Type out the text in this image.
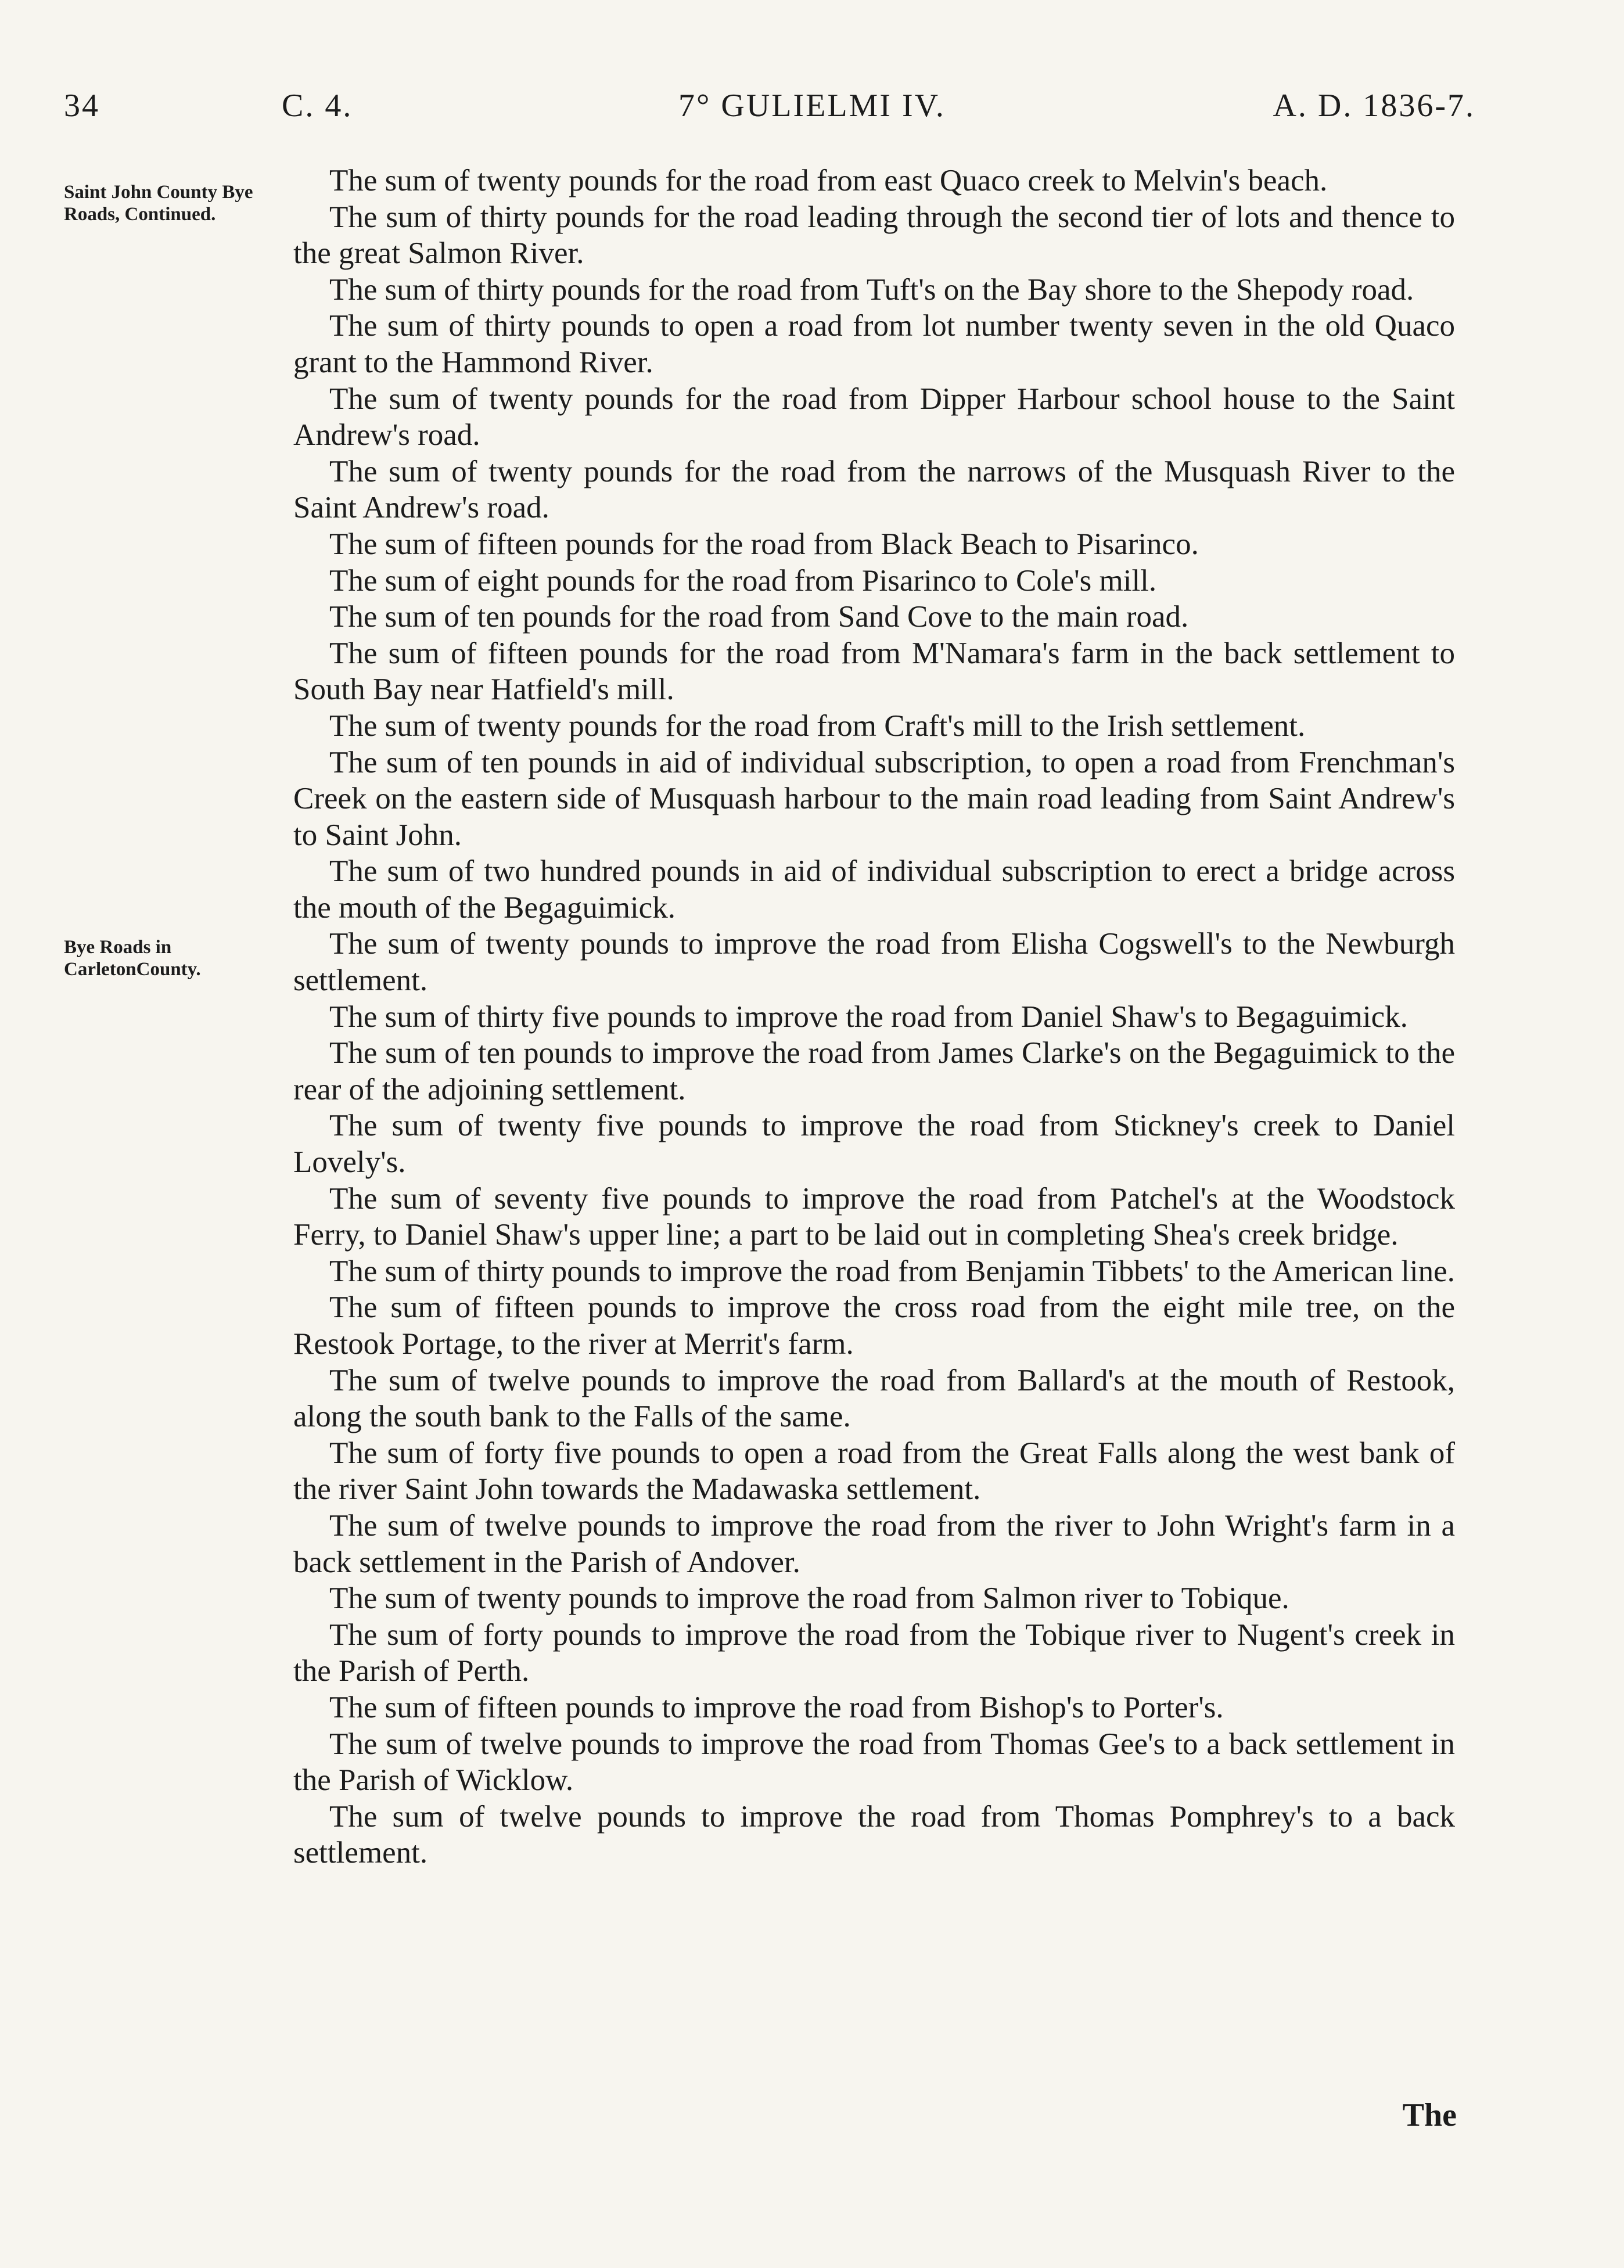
34	C. 4.	7° GULIELMI IV.	A. D. 1836-7.
Saint John County Bye Roads, Continued.
Bye Roads in CarletonCounty.

The sum of twenty pounds for the road from east Quaco creek to Melvin's beach.

The sum of thirty pounds for the road leading through the second tier of lots and thence to the great Salmon River.

The sum of thirty pounds for the road from Tuft's on the Bay shore to the Shepody road.

The sum of thirty pounds to open a road from lot number twenty seven in the old Quaco grant to the Hammond River.

The sum of twenty pounds for the road from Dipper Harbour school house to the Saint Andrew's road.

The sum of twenty pounds for the road from the narrows of the Musquash River to the Saint Andrew's road.

The sum of fifteen pounds for the road from Black Beach to Pisarinco.

The sum of eight pounds for the road from Pisarinco to Cole's mill.

The sum of ten pounds for the road from Sand Cove to the main road.

The sum of fifteen pounds for the road from M'Namara's farm in the back settlement to South Bay near Hatfield's mill.

The sum of twenty pounds for the road from Craft's mill to the Irish settlement.

The sum of ten pounds in aid of individual subscription, to open a road from Frenchman's Creek on the eastern side of Musquash harbour to the main road leading from Saint Andrew's to Saint John.

The sum of two hundred pounds in aid of individual subscription to erect a bridge across the mouth of the Begaguimick.

The sum of twenty pounds to improve the road from Elisha Cogswell's to the Newburgh settlement.

The sum of thirty five pounds to improve the road from Daniel Shaw's to Begaguimick.

The sum of ten pounds to improve the road from James Clarke's on the Begaguimick to the rear of the adjoining settlement.

The sum of twenty five pounds to improve the road from Stickney's creek to Daniel Lovely's.

The sum of seventy five pounds to improve the road from Patchel's at the Woodstock Ferry, to Daniel Shaw's upper line; a part to be laid out in completing Shea's creek bridge.

The sum of thirty pounds to improve the road from Benjamin Tibbets' to the American line.

The sum of fifteen pounds to improve the cross road from the eight mile tree, on the Restook Portage, to the river at Merrit's farm.

The sum of twelve pounds to improve the road from Ballard's at the mouth of Restook, along the south bank to the Falls of the same.

The sum of forty five pounds to open a road from the Great Falls along the west bank of the river Saint John towards the Madawaska settlement.

The sum of twelve pounds to improve the road from the river to John Wright's farm in a back settlement in the Parish of Andover.

The sum of twenty pounds to improve the road from Salmon river to Tobique.

The sum of forty pounds to improve the road from the Tobique river to Nugent's creek in the Parish of Perth.

The sum of fifteen pounds to improve the road from Bishop's to Porter's.

The sum of twelve pounds to improve the road from Thomas Gee's to a back settlement in the Parish of Wicklow.

The sum of twelve pounds to improve the road from Thomas Pomphrey's to a back settlement.

The
